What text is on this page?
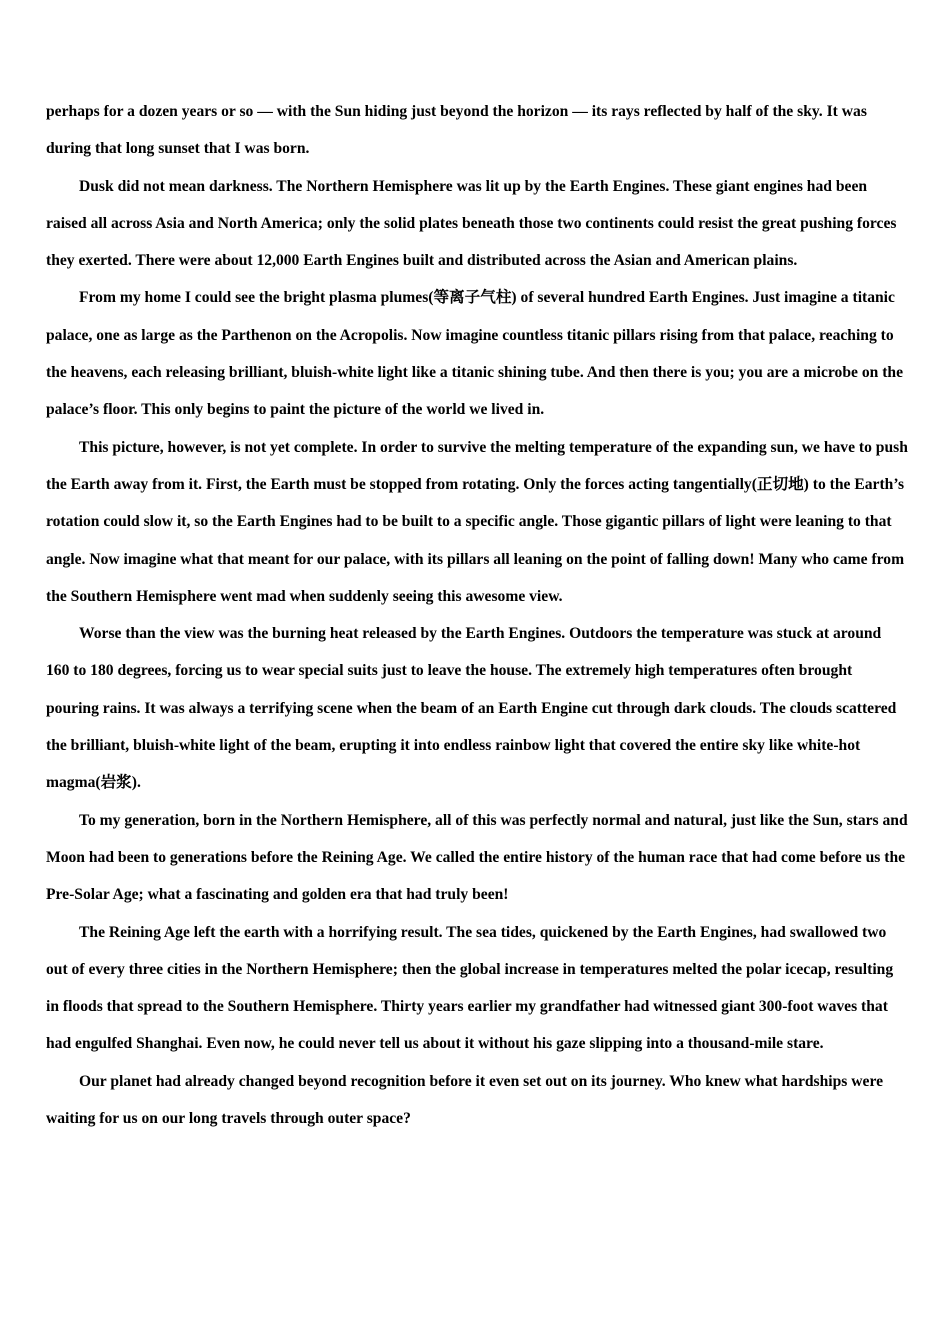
perhaps for a dozen years or so — with the Sun hiding just beyond the horizon — its rays reflected by half of the sky. It was during that long sunset that I was born.

Dusk did not mean darkness. The Northern Hemisphere was lit up by the Earth Engines. These giant engines had been raised all across Asia and North America; only the solid plates beneath those two continents could resist the great pushing forces they exerted. There were about 12,000 Earth Engines built and distributed across the Asian and American plains.

From my home I could see the bright plasma plumes(等离子气柱) of several hundred Earth Engines. Just imagine a titanic palace, one as large as the Parthenon on the Acropolis. Now imagine countless titanic pillars rising from that palace, reaching to the heavens, each releasing brilliant, bluish-white light like a titanic shining tube. And then there is you; you are a microbe on the palace’s floor. This only begins to paint the picture of the world we lived in.

This picture, however, is not yet complete. In order to survive the melting temperature of the expanding sun, we have to push the Earth away from it. First, the Earth must be stopped from rotating. Only the forces acting tangentially(正切地) to the Earth’s rotation could slow it, so the Earth Engines had to be built to a specific angle. Those gigantic pillars of light were leaning to that angle. Now imagine what that meant for our palace, with its pillars all leaning on the point of falling down! Many who came from the Southern Hemisphere went mad when suddenly seeing this awesome view.

Worse than the view was the burning heat released by the Earth Engines. Outdoors the temperature was stuck at around 160 to 180 degrees, forcing us to wear special suits just to leave the house. The extremely high temperatures often brought pouring rains. It was always a terrifying scene when the beam of an Earth Engine cut through dark clouds. The clouds scattered the brilliant, bluish-white light of the beam, erupting it into endless rainbow light that covered the entire sky like white-hot magma(岩浆).

To my generation, born in the Northern Hemisphere, all of this was perfectly normal and natural, just like the Sun, stars and Moon had been to generations before the Reining Age. We called the entire history of the human race that had come before us the Pre-Solar Age; what a fascinating and golden era that had truly been!

The Reining Age left the earth with a horrifying result. The sea tides, quickened by the Earth Engines, had swallowed two out of every three cities in the Northern Hemisphere; then the global increase in temperatures melted the polar icecap, resulting in floods that spread to the Southern Hemisphere. Thirty years earlier my grandfather had witnessed giant 300-foot waves that had engulfed Shanghai. Even now, he could never tell us about it without his gaze slipping into a thousand-mile stare.

Our planet had already changed beyond recognition before it even set out on its journey. Who knew what hardships were waiting for us on our long travels through outer space?
